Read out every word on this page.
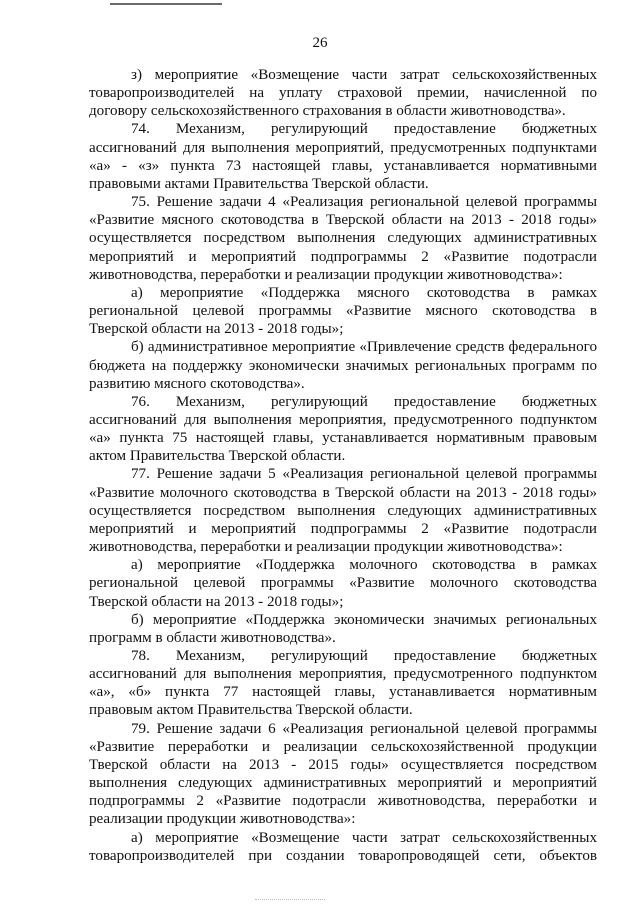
26
з) мероприятие «Возмещение части затрат сельскохозяйственных
товаропроизводителей на уплату страховой премии, начисленной по
договору сельскохозяйственного страхования в области животноводства».
74. Механизм, регулирующий предоставление бюджетных
ассигнований для выполнения мероприятий, предусмотренных подпунктами
«а» - «з» пункта 73 настоящей главы, устанавливается нормативными
правовыми актами Правительства Тверской области.
75. Решение задачи 4 «Реализация региональной целевой программы
«Развитие мясного скотоводства в Тверской области на 2013 - 2018 годы»
осуществляется посредством выполнения следующих административных
мероприятий и мероприятий подпрограммы 2 «Развитие подотрасли
животноводства, переработки и реализации продукции животноводства»:
а) мероприятие «Поддержка мясного скотоводства в рамках
региональной целевой программы «Развитие мясного скотоводства в
Тверской области на 2013 - 2018 годы»;
б) административное мероприятие «Привлечение средств федерального
бюджета на поддержку экономически значимых региональных программ по
развитию мясного скотоводства».
76. Механизм, регулирующий предоставление бюджетных
ассигнований для выполнения мероприятия, предусмотренного подпунктом
«а» пункта 75 настоящей главы, устанавливается нормативным правовым
актом Правительства Тверской области.
77. Решение задачи 5 «Реализация региональной целевой программы
«Развитие молочного скотоводства в Тверской области на 2013 - 2018 годы»
осуществляется посредством выполнения следующих административных
мероприятий и мероприятий подпрограммы 2 «Развитие подотрасли
животноводства, переработки и реализации продукции животноводства»:
а) мероприятие «Поддержка молочного скотоводства в рамках
региональной целевой программы «Развитие молочного скотоводства
Тверской области на 2013 - 2018 годы»;
б) мероприятие «Поддержка экономически значимых региональных
программ в области животноводства».
78. Механизм, регулирующий предоставление бюджетных
ассигнований для выполнения мероприятия, предусмотренного подпунктом
«а», «б» пункта 77 настоящей главы, устанавливается нормативным
правовым актом Правительства Тверской области.
79. Решение задачи 6 «Реализация региональной целевой программы
«Развитие переработки и реализации сельскохозяйственной продукции
Тверской области на 2013 - 2015 годы» осуществляется посредством
выполнения следующих административных мероприятий и мероприятий
подпрограммы 2 «Развитие подотрасли животноводства, переработки и
реализации продукции животноводства»:
а) мероприятие «Возмещение части затрат сельскохозяйственных
товаропроизводителей при создании товаропроводящей сети, объектов
